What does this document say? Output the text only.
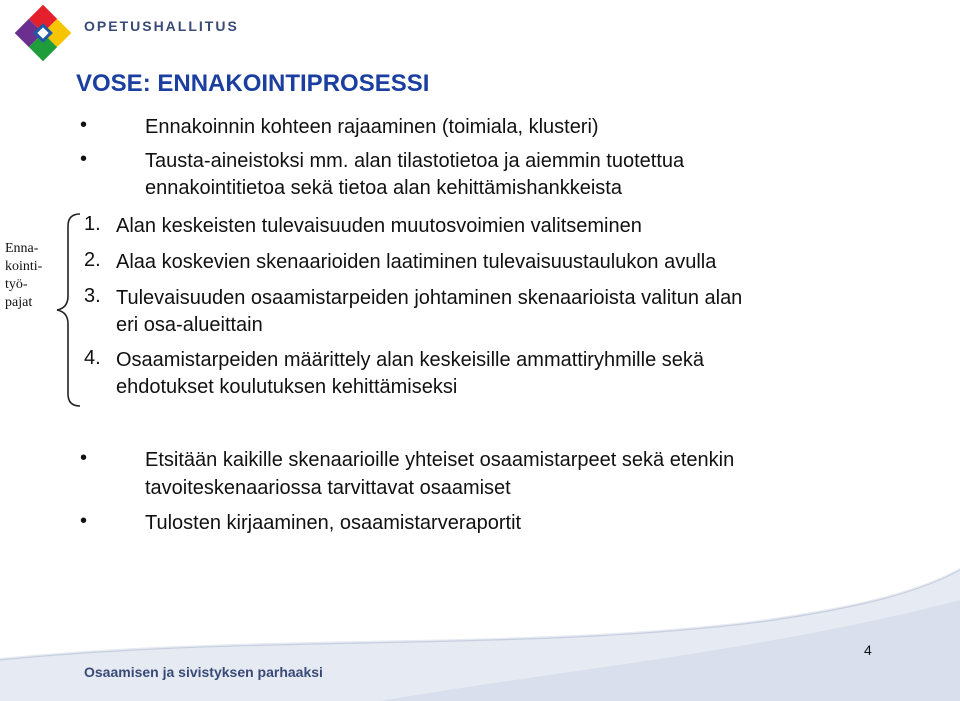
OPETUSHALLITUS
VOSE: ENNAKOINTIPROSESSI
•	Ennakoinnin kohteen rajaaminen (toimiala, klusteri)
•	Tausta-aineistoksi mm. alan tilastotietoa ja aiemmin tuotettua
ennakointitietoa sekä tietoa alan kehittämishankkeista
Enna-
kointi-
työ-
pajat
1. Alan keskeisten tulevaisuuden muutosvoimien valitseminen
2. Alaa koskevien skenaarioiden laatiminen tulevaisuustaulukon avulla
3. Tulevaisuuden osaamistarpeiden johtaminen skenaarioista valitun alan
eri osa-alueittain
4. Osaamistarpeiden määrittely alan keskeisille ammattiryhmille sekä
ehdotukset koulutuksen kehittämiseksi
•	Etsitään kaikille skenaarioille yhteiset osaamistarpeet sekä etenkin
tavoiteskenaariossa tarvittavat osaamiset
•	Tulosten kirjaaminen, osaamistarveraportit
Osaamisen ja sivistyksen parhaaksi
4
